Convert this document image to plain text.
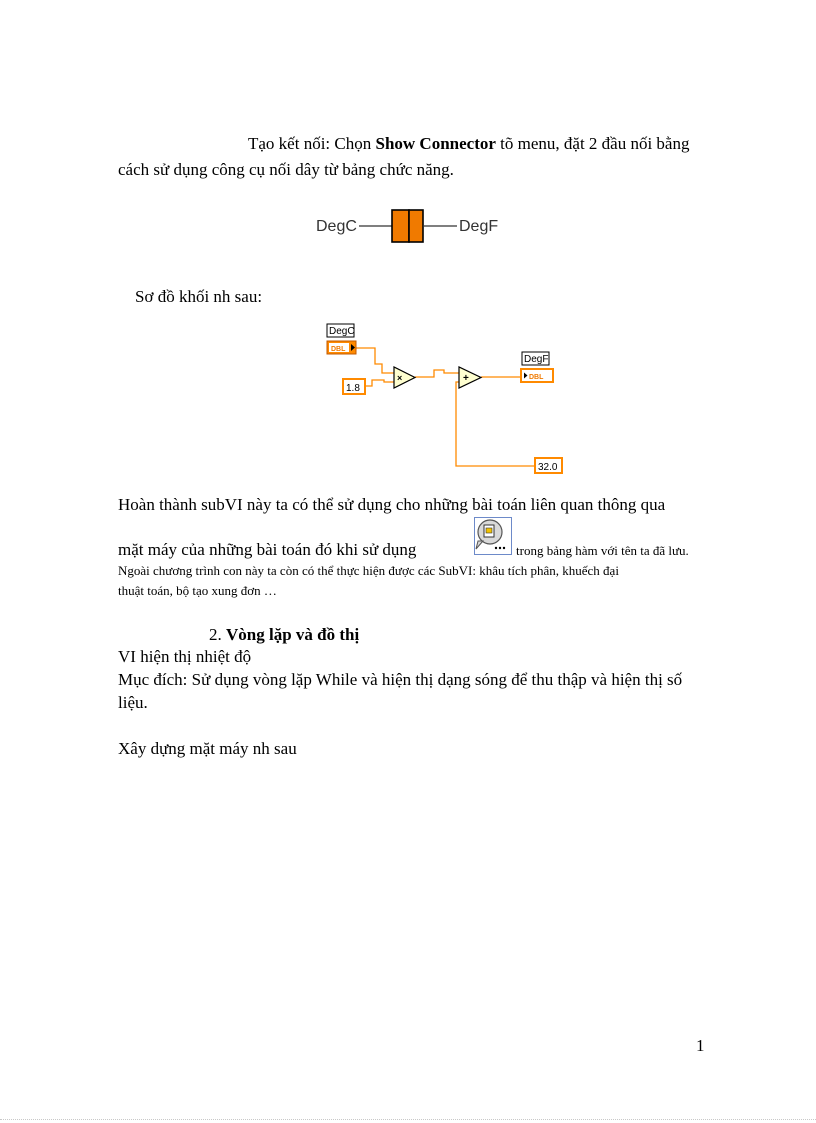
Tạo kết nối: Chọn Show Connector tõ menu, đặt 2 đầu nối bằng
cách sử dụng công cụ nối dây từ bảng chức năng.
DegC	DegF
Sơ đồ khối nh sau:
DegC
DBL
1.8
×	+
DegF
DBL
32.0
Hoàn thành subVI này ta có thể sử dụng cho những bài toán liên quan thông qua
mặt máy của những bài toán đó khi sử dụng	trong bảng hàm với tên ta đã lưu.
Ngoài chương trình con này ta còn có thể thực hiện được các SubVI: khâu tích phân, khuếch đại
thuật toán, bộ tạo xung đơn …
2. Vòng lặp và đồ thị
VI hiện thị nhiệt độ
Mục đích: Sử dụng vòng lặp While và hiện thị dạng sóng để thu thập và hiện thị số
liệu.
Xây dựng mặt máy nh sau
1
